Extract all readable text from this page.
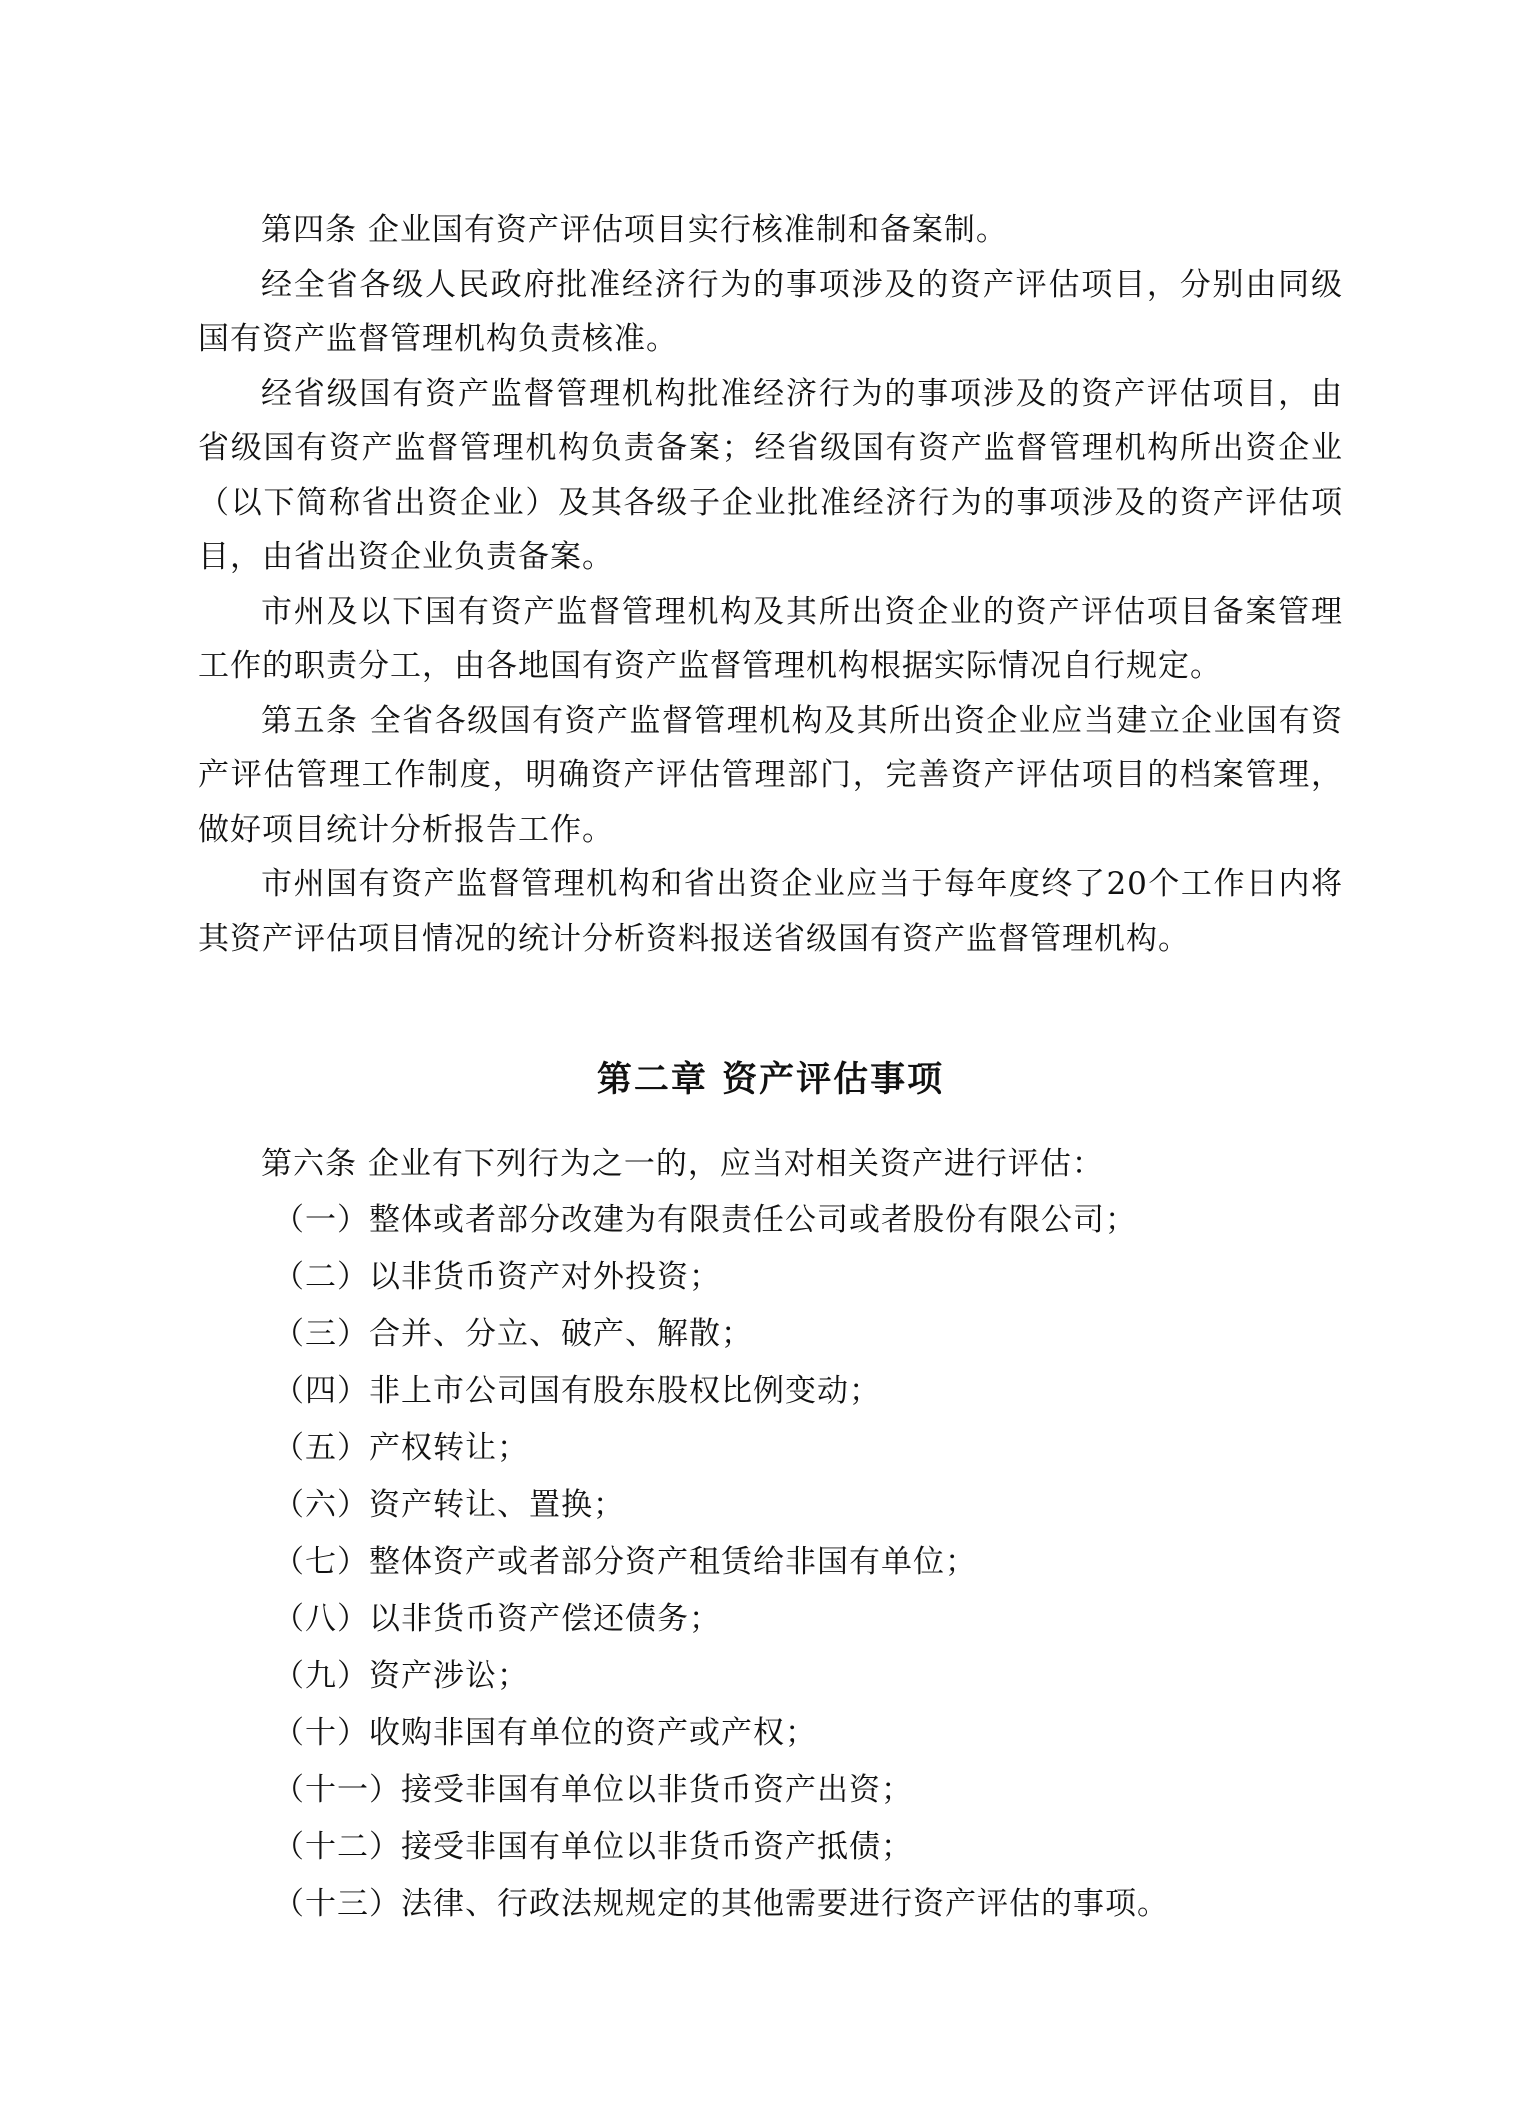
第四条 企业国有资产评估项目实行核准制和备案制。

经全省各级人民政府批准经济行为的事项涉及的资产评估项目，分别由同级国有资产监督管理机构负责核准。

经省级国有资产监督管理机构批准经济行为的事项涉及的资产评估项目，由省级国有资产监督管理机构负责备案；经省级国有资产监督管理机构所出资企业（以下简称省出资企业）及其各级子企业批准经济行为的事项涉及的资产评估项目，由省出资企业负责备案。

市州及以下国有资产监督管理机构及其所出资企业的资产评估项目备案管理工作的职责分工，由各地国有资产监督管理机构根据实际情况自行规定。

第五条 全省各级国有资产监督管理机构及其所出资企业应当建立企业国有资产评估管理工作制度，明确资产评估管理部门，完善资产评估项目的档案管理，做好项目统计分析报告工作。

市州国有资产监督管理机构和省出资企业应当于每年度终了20个工作日内将其资产评估项目情况的统计分析资料报送省级国有资产监督管理机构。

第二章 资产评估事项

第六条 企业有下列行为之一的，应当对相关资产进行评估：

（一）整体或者部分改建为有限责任公司或者股份有限公司；

（二）以非货币资产对外投资；

（三）合并、分立、破产、解散；

（四）非上市公司国有股东股权比例变动；

（五）产权转让；

（六）资产转让、置换；

（七）整体资产或者部分资产租赁给非国有单位；

（八）以非货币资产偿还债务；

（九）资产涉讼；

（十）收购非国有单位的资产或产权；

（十一）接受非国有单位以非货币资产出资；

（十二）接受非国有单位以非货币资产抵债；

（十三）法律、行政法规规定的其他需要进行资产评估的事项。
